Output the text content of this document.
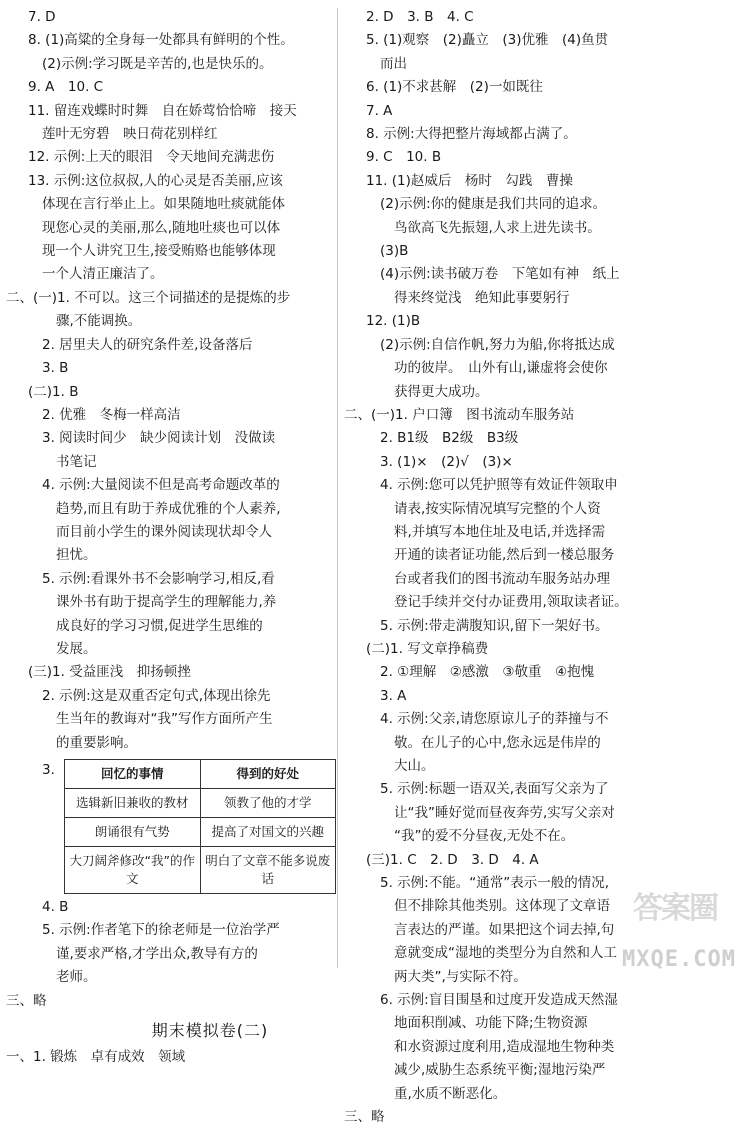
7. D
8. (1)高粱的全身每一处都具有鲜明的个性。
(2)示例:学习既是辛苦的,也是快乐的。
9. A　10. C
11. 留连戏蝶时时舞　自在娇莺恰恰啼　接天
莲叶无穷碧　映日荷花别样红
12. 示例:上天的眼泪　令天地间充满悲伤
13. 示例:这位叔叔,人的心灵是否美丽,应该
体现在言行举止上。如果随地吐痰就能体
现您心灵的美丽,那么,随地吐痰也可以体
现一个人讲究卫生,接受贿赂也能够体现
一个人清正廉洁了。
二、(一)1. 不可以。这三个词描述的是提炼的步
骤,不能调换。
2. 居里夫人的研究条件差,设备落后
3. B
(二)1. B
2. 优雅　冬梅一样高洁
3. 阅读时间少　缺少阅读计划　没做读
书笔记
4. 示例:大量阅读不但是高考命题改革的
趋势,而且有助于养成优雅的个人素养,
而目前小学生的课外阅读现状却令人
担忧。
5. 示例:看课外书不会影响学习,相反,看
课外书有助于提高学生的理解能力,养
成良好的学习习惯,促进学生思维的
发展。
(三)1. 受益匪浅　抑扬顿挫
2. 示例:这是双重否定句式,体现出徐先
生当年的教诲对“我”写作方面所产生
的重要影响。
3.	回忆的事情	得到的好处
选辑新旧兼收的教材	领教了他的才学
朗诵很有气势	提高了对国文的兴趣
大刀阔斧修改“我”的作文	明白了文章不能多说废话
4. B
5. 示例:作者笔下的徐老师是一位治学严
谨,要求严格,才学出众,教导有方的
老师。
三、略
期末模拟卷(二)
一、1. 锻炼　卓有成效　领域
2. D　3. B　4. C
5. (1)观察　(2)矗立　(3)优雅　(4)鱼贯
而出
6. (1)不求甚解　(2)一如既往
7. A
8. 示例:大得把整片海域都占满了。
9. C　10. B
11. (1)赵威后　杨时　勾践　曹操
(2)示例:你的健康是我们共同的追求。
鸟欲高飞先振翅,人求上进先读书。
(3)B
(4)示例:读书破万卷　下笔如有神　纸上
得来终觉浅　绝知此事要躬行
12. (1)B
(2)示例:自信作帆,努力为船,你将抵达成
功的彼岸。　山外有山,谦虚将会使你
获得更大成功。
二、(一)1. 户口簿　图书流动车服务站
2. B1级　B2级　B3级
3. (1)×　(2)√　(3)×
4. 示例:您可以凭护照等有效证件领取申
请表,按实际情况填写完整的个人资
料,并填写本地住址及电话,并选择需
开通的读者证功能,然后到一楼总服务
台或者我们的图书流动车服务站办理
登记手续并交付办证费用,领取读者证。
5. 示例:带走满腹知识,留下一架好书。
(二)1. 写文章挣稿费
2. ①理解　②感激　③敬重　④抱愧
3. A
4. 示例:父亲,请您原谅儿子的莽撞与不
敬。在儿子的心中,您永远是伟岸的
大山。
5. 示例:标题一语双关,表面写父亲为了
让“我”睡好觉而昼夜奔劳,实写父亲对
“我”的爱不分昼夜,无处不在。
(三)1. C　2. D　3. D　4. A
5. 示例:不能。“通常”表示一般的情况,
但不排除其他类别。这体现了文章语
言表达的严谨。如果把这个词去掉,句
意就变成“湿地的类型分为自然和人工
两大类”,与实际不符。
6. 示例:盲目围垦和过度开发造成天然湿
地面积削减、功能下降;生物资源
和水资源过度利用,造成湿地生物种类
减少,威胁生态系统平衡;湿地污染严
重,水质不断恶化。
三、略
答案圈
MXQE.COM
